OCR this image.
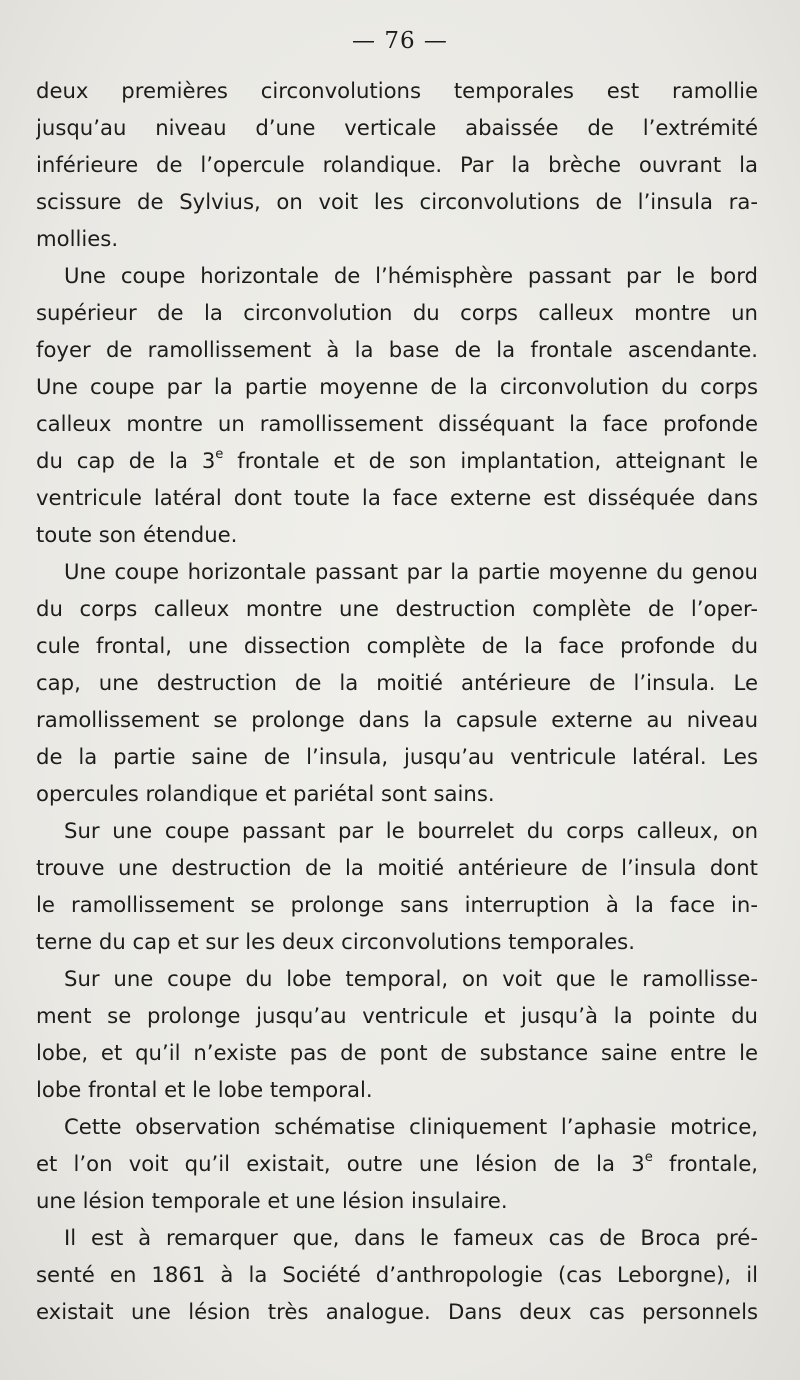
— 76 —
deux premières circonvolutions temporales est ramollie
jusqu’au niveau d’une verticale abaissée de l’extrémité
inférieure de l’opercule rolandique. Par la brèche ouvrant la
scissure de Sylvius, on voit les circonvolutions de l’insula ra-
mollies.
Une coupe horizontale de l’hémisphère passant par le bord
supérieur de la circonvolution du corps calleux montre un
foyer de ramollissement à la base de la frontale ascendante.
Une coupe par la partie moyenne de la circonvolution du corps
calleux montre un ramollissement disséquant la face profonde
du cap de la 3e frontale et de son implantation, atteignant le
ventricule latéral dont toute la face externe est disséquée dans
toute son étendue.
Une coupe horizontale passant par la partie moyenne du genou
du corps calleux montre une destruction complète de l’oper-
cule frontal, une dissection complète de la face profonde du
cap, une destruction de la moitié antérieure de l’insula. Le
ramollissement se prolonge dans la capsule externe au niveau
de la partie saine de l’insula, jusqu’au ventricule latéral. Les
opercules rolandique et pariétal sont sains.
Sur une coupe passant par le bourrelet du corps calleux, on
trouve une destruction de la moitié antérieure de l’insula dont
le ramollissement se prolonge sans interruption à la face in-
terne du cap et sur les deux circonvolutions temporales.
Sur une coupe du lobe temporal, on voit que le ramollisse-
ment se prolonge jusqu’au ventricule et jusqu’à la pointe du
lobe, et qu’il n’existe pas de pont de substance saine entre le
lobe frontal et le lobe temporal.
Cette observation schématise cliniquement l’aphasie motrice,
et l’on voit qu’il existait, outre une lésion de la 3e frontale,
une lésion temporale et une lésion insulaire.
Il est à remarquer que, dans le fameux cas de Broca pré-
senté en 1861 à la Société d’anthropologie (cas Leborgne), il
existait une lésion très analogue. Dans deux cas personnels
